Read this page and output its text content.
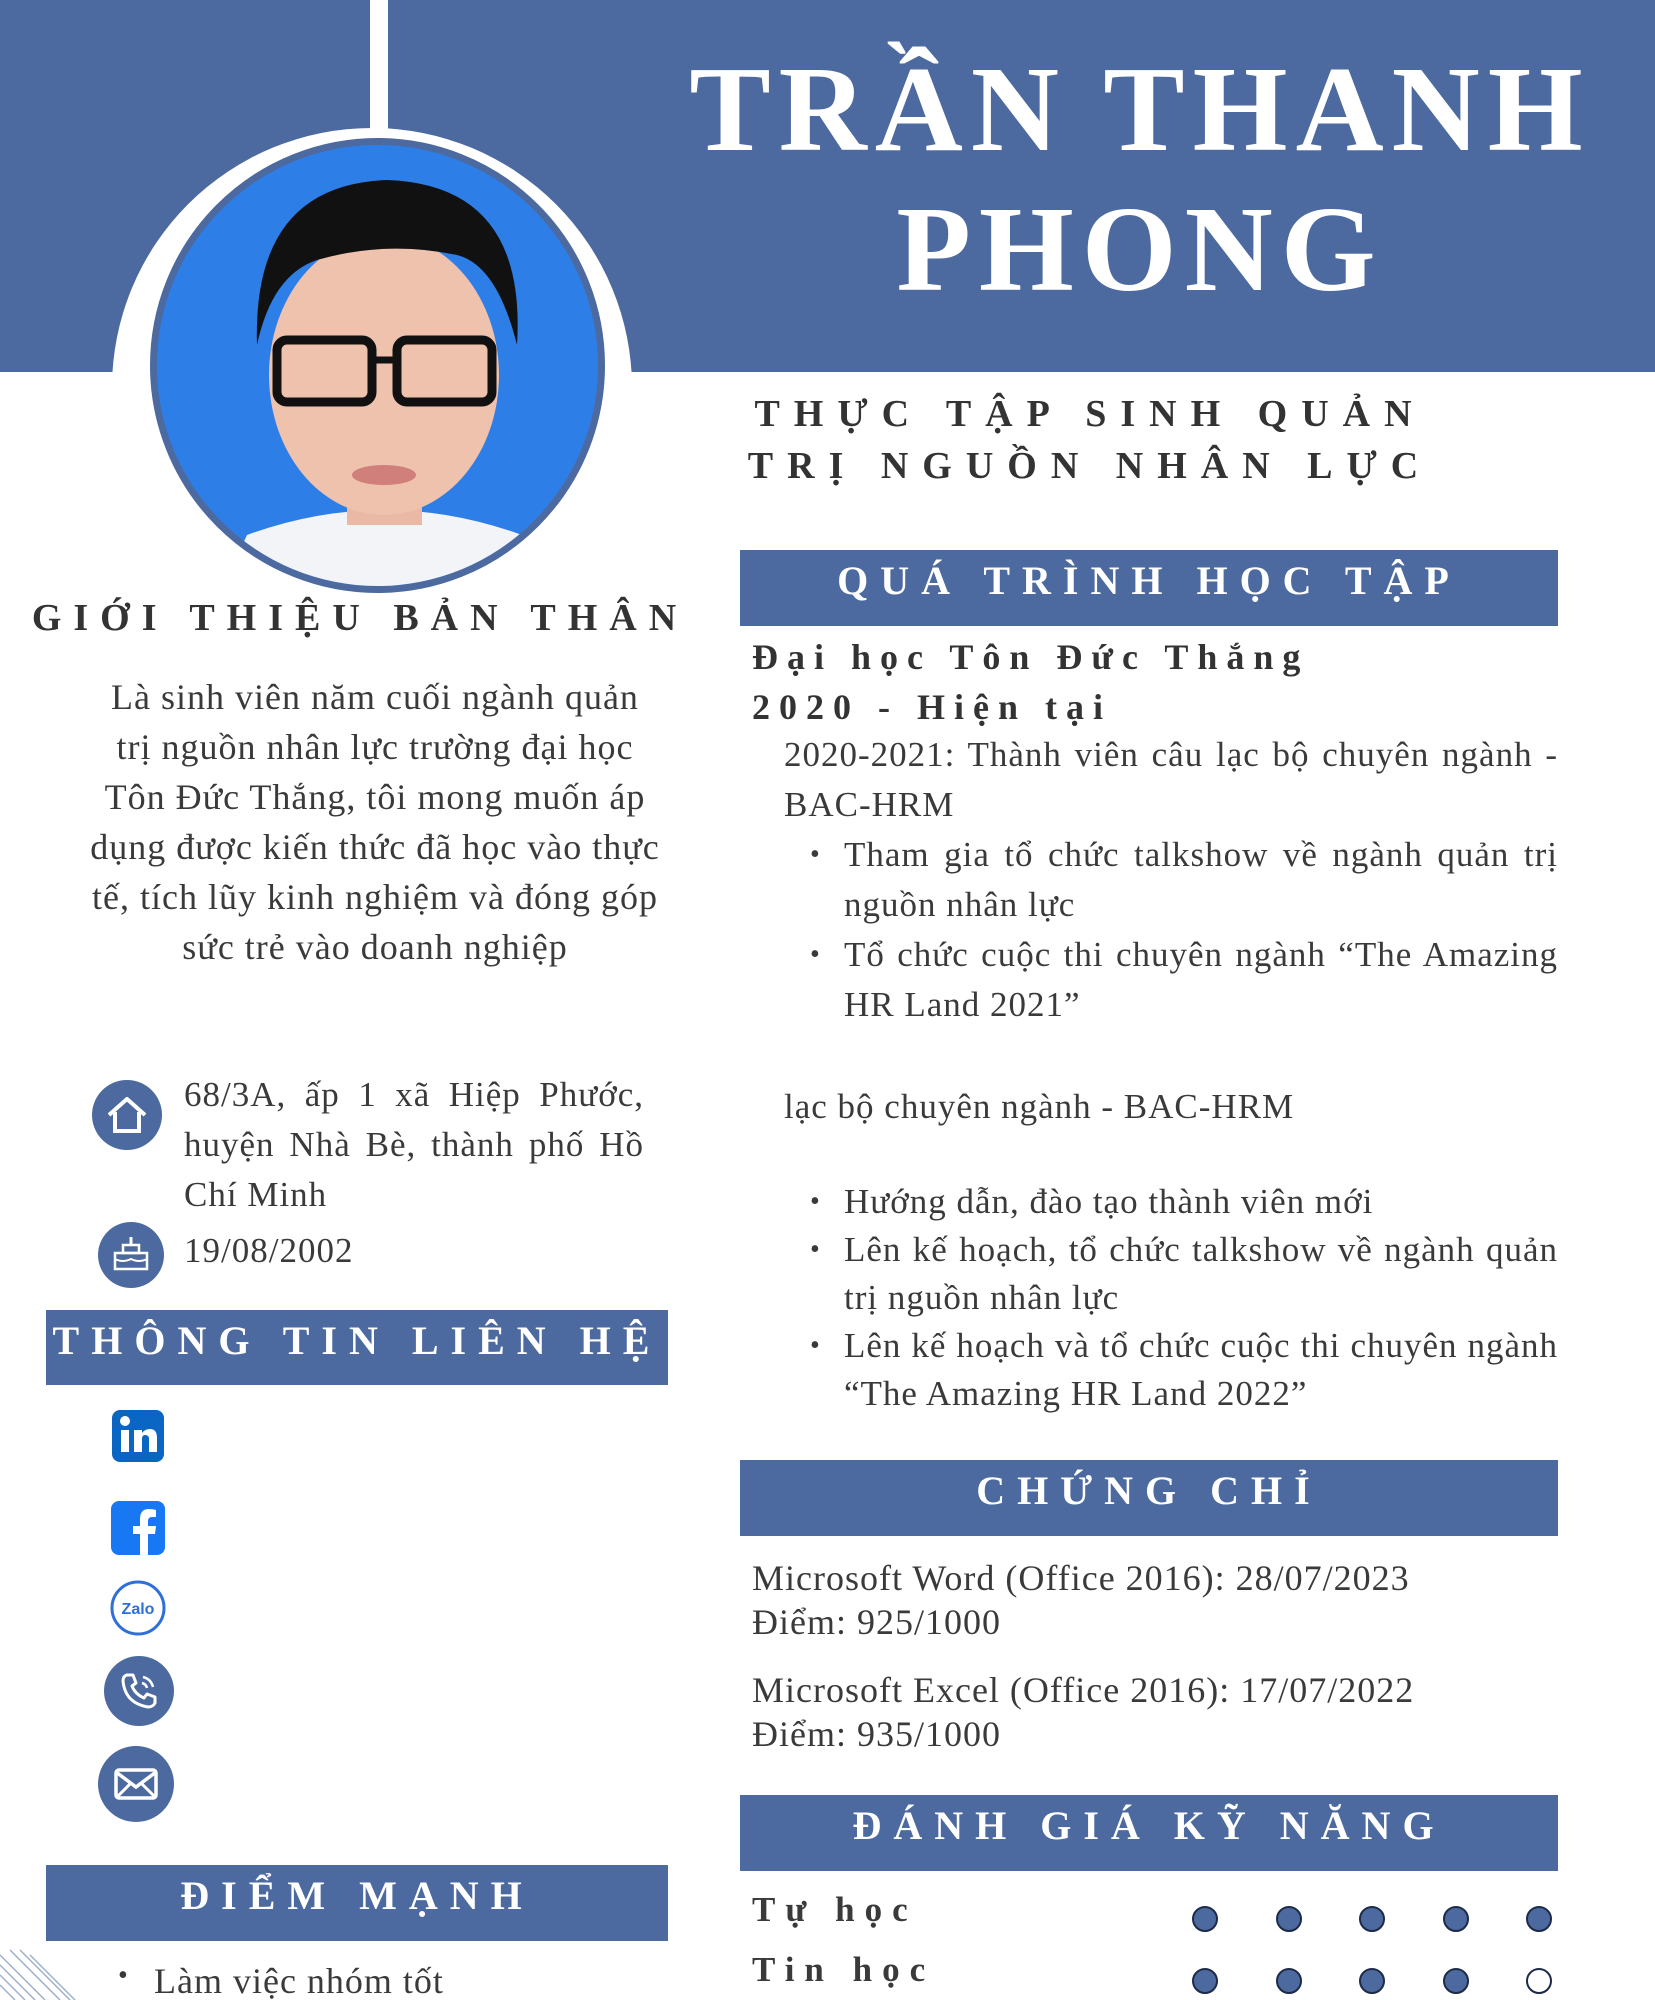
TRẦN THANH
PHONG
THỰC TẬP SINH QUẢN
TRỊ NGUỒN NHÂN LỰC
GIỚI THIỆU BẢN THÂN
Là sinh viên năm cuối ngành quản trị nguồn nhân lực trường đại học Tôn Đức Thắng, tôi mong muốn áp dụng được kiến thức đã học vào thực tế, tích lũy kinh nghiệm và đóng góp sức trẻ vào doanh nghiệp
68/3A, ấp 1 xã Hiệp Phước, huyện Nhà Bè, thành phố Hồ Chí Minh
19/08/2002
THÔNG TIN LIÊN HỆ
Zalo
ĐIỂM MẠNH
• Làm việc nhóm tốt
QUÁ TRÌNH HỌC TẬP
Đại học Tôn Đức Thắng
2020 - Hiện tại
2020-2021: Thành viên câu lạc bộ chuyên ngành - BAC-HRM
• Tham gia tổ chức talkshow về ngành quản trị nguồn nhân lực
• Tổ chức cuộc thi chuyên ngành “The Amazing HR Land 2021”
lạc bộ chuyên ngành - BAC-HRM
• Hướng dẫn, đào tạo thành viên mới
• Lên kế hoạch, tổ chức talkshow về ngành quản trị nguồn nhân lực
• Lên kế hoạch và tổ chức cuộc thi chuyên ngành “The Amazing HR Land 2022”
CHỨNG CHỈ
Microsoft Word (Office 2016): 28/07/2023
Điểm: 925/1000
Microsoft Excel (Office 2016): 17/07/2022
Điểm: 935/1000
ĐÁNH GIÁ KỸ NĂNG
Tự học
Tin học
